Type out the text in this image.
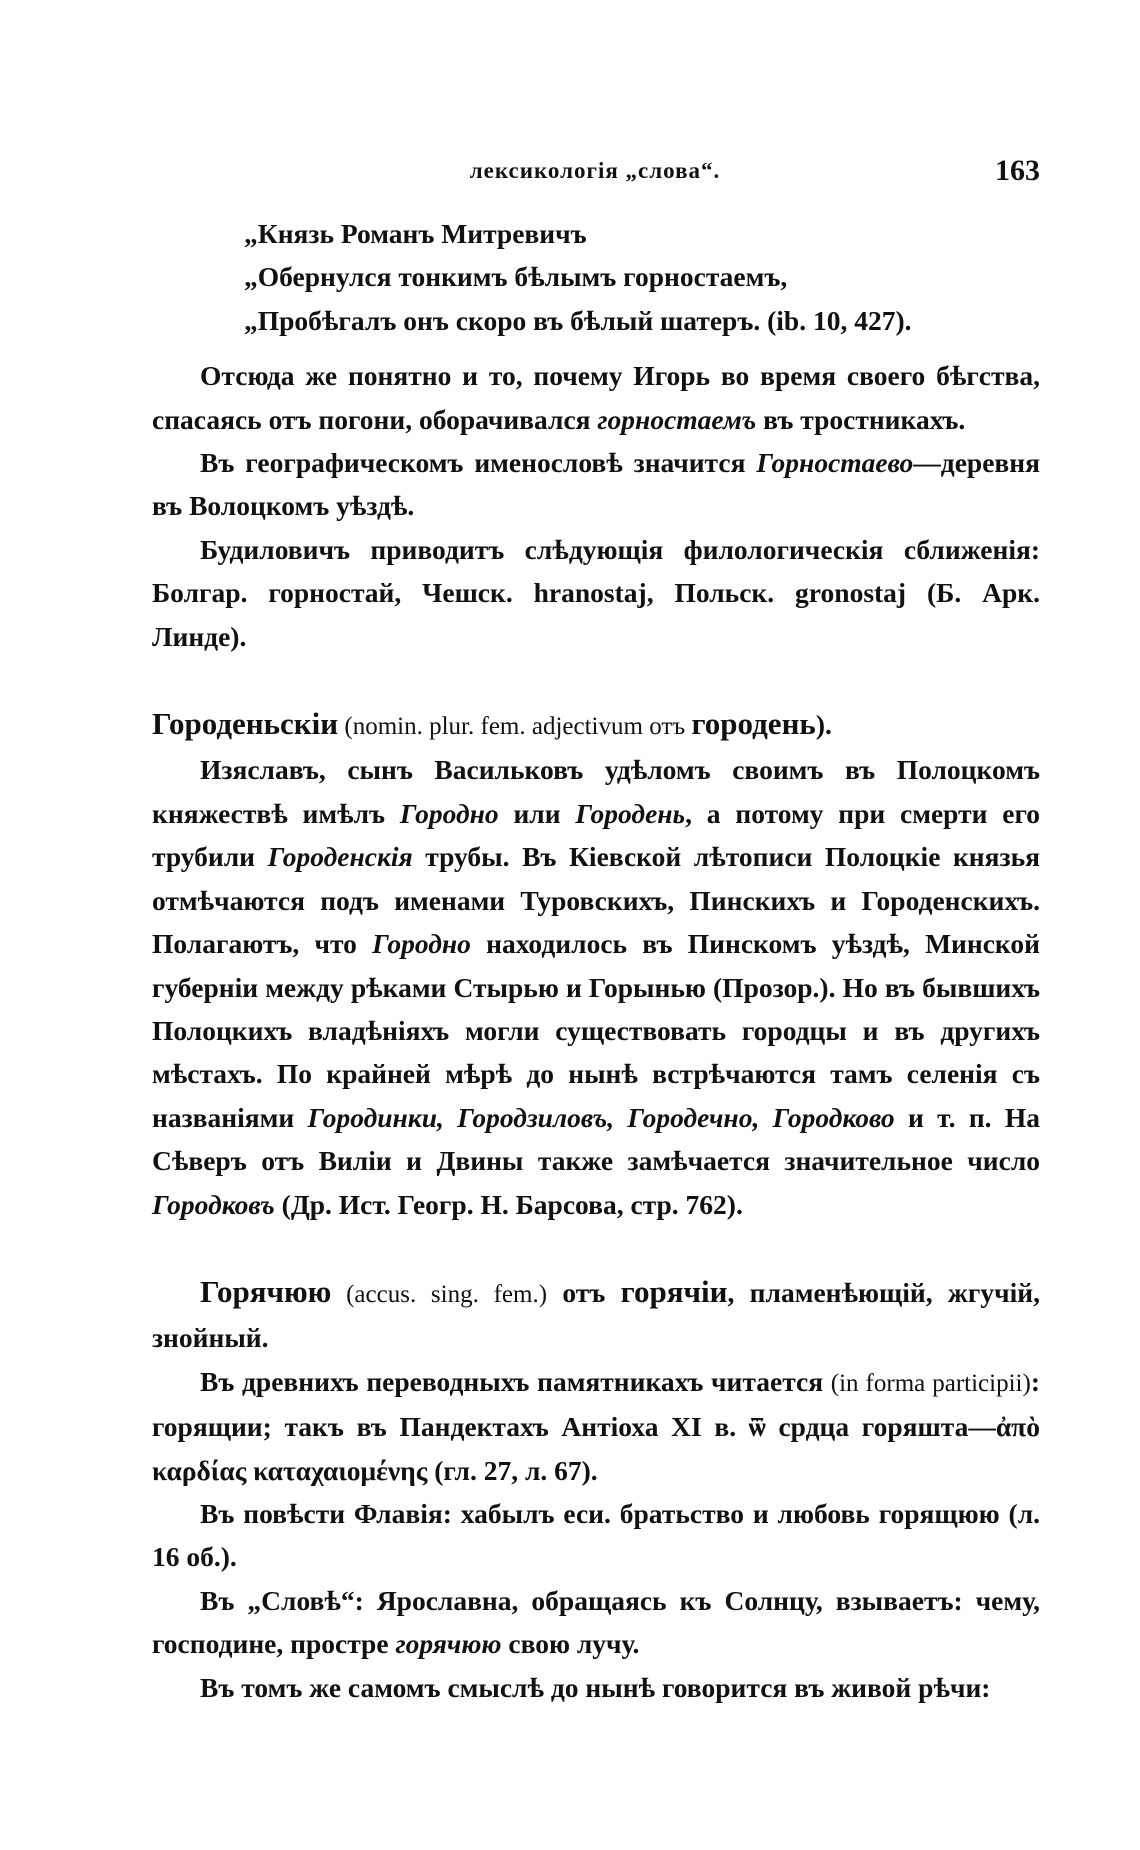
лексикологія „слова“.	163
„Князь Романъ Митревичъ
„Обернулся тонкимъ бѣлымъ горностаемъ,
„Пробѣгалъ онъ скоро въ бѣлый шатеръ. (ib. 10, 427).

Отсюда же понятно и то, почему Игорь во время своего бѣгства, спасаясь отъ погони, оборачивался горностаемъ въ тростникахъ.

Въ географическомъ именословѣ значится Горностаево—деревня въ Волоцкомъ уѣздѣ.

Будиловичъ приводитъ слѣдующія филологическія сближенія: Болгар. горностай, Чешск. hranostaj, Польск. gronostaj (Б. Арк. Линде).

Городеньскіи (nomin. plur. fem. adjectivum отъ городень).

Изяславъ, сынъ Васильковъ удѣломъ своимъ въ Полоцкомъ княжествѣ имѣлъ Городно или Городень, а потому при смерти его трубили Городенскія трубы. Въ Кіевской лѣтописи Полоцкіе князья отмѣчаются подъ именами Туровскихъ, Пинскихъ и Городенскихъ. Полагаютъ, что Городно находилось въ Пинскомъ уѣздѣ, Минской губерніи между рѣками Стырью и Горынью (Прозор.). Но въ бывшихъ Полоцкихъ владѣніяхъ могли существовать городцы и въ другихъ мѣстахъ. По крайней мѣрѣ до нынѣ встрѣчаются тамъ селенія съ названіями Городинки, Городзиловъ, Городечно, Городково и т. п. На Сѣверъ отъ Вилiи и Двины также замѣчается значительное число Городковъ (Др. Ист. Геогр. Н. Барсова, стр. 762).

Горячюю (accus. sing. fem.) отъ горячіи, пламенѣющій, жгучій, знойный.

Въ древнихъ переводныхъ памятникахъ читается (in forma participii): горящии; такъ въ Пандектахъ Антіоха XI в. ѿ срдца горяшта—ἀπὸ καρδίας καταχαιομένης (гл. 27, л. 67).

Въ повѣсти Флавія: хабылъ еси. братьство и любовь горящюю (л. 16 об.).

Въ „Словѣ“: Ярославна, обращаясь къ Солнцу, взываетъ: чему, господине, простре горячюю свою лучу.

Въ томъ же самомъ смыслѣ до нынѣ говорится въ живой рѣчи:
